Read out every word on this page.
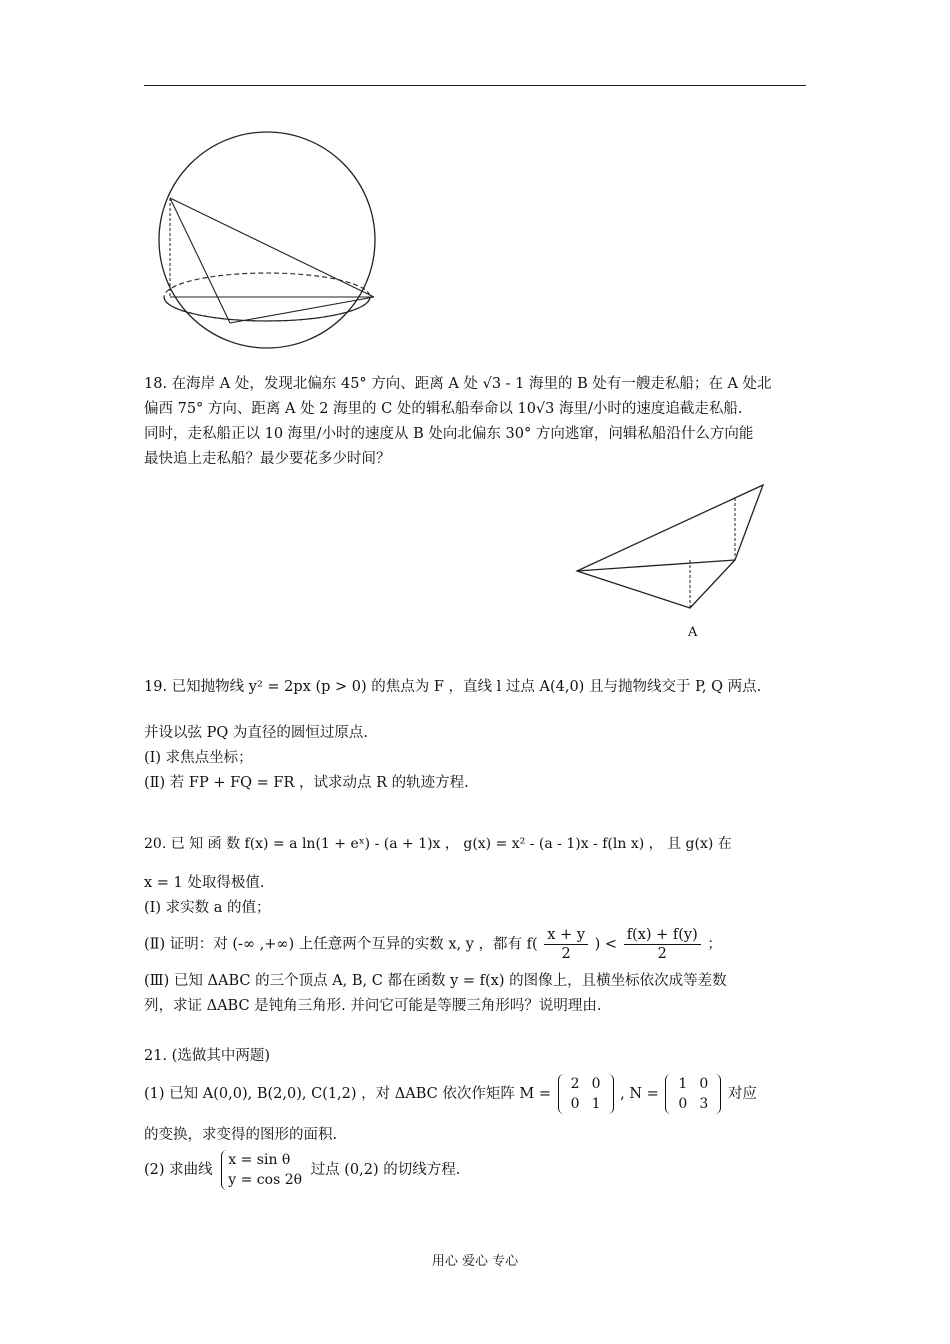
18. 在海岸 A 处，发现北偏东 45° 方向、距离 A 处 √3 - 1 海里的 B 处有一艘走私船；在 A 处北
偏西 75° 方向、距离 A 处 2 海里的 C 处的辑私船奉命以 10√3 海里/小时的速度追截走私船.
同时，走私船正以 10 海里/小时的速度从 B 处向北偏东 30° 方向逃窜，问辑私船沿什么方向能
最快追上走私船？最少要花多少时间？
A
19. 已知抛物线 y² = 2px (p > 0) 的焦点为 F ，直线 l 过点 A(4,0) 且与抛物线交于 P, Q 两点.
并设以弦 PQ 为直径的圆恒过原点.
(Ⅰ) 求焦点坐标；
(Ⅱ) 若 FP + FQ = FR ，试求动点 R 的轨迹方程.
20. 已 知 函 数 f(x) = a ln(1 + eˣ) - (a + 1)x ， g(x) = x² - (a - 1)x - f(ln x) ， 且 g(x) 在
x = 1 处取得极值.
(Ⅰ) 求实数 a 的值；
(Ⅱ) 证明：对 (-∞ ,+∞) 上任意两个互异的实数 x, y ，都有 $f( \frac{x + y}{2}$ ) < $\frac{f(x) + f(y)}{2}$ ；
(Ⅲ) 已知 ΔABC 的三个顶点 A, B, C 都在函数 y = f(x) 的图像上，且横坐标依次成等差数
列，求证 ΔABC 是钝角三角形. 并问它可能是等腰三角形吗？说明理由.
21. (选做其中两题)
(1) 已知 A(0,0), B(2,0), C(1,2) ，对 ΔABC 依次作矩阵 M =
2	0
0	1
, N =
1	0
0	3
对应
的变换，求变得的图形的面积.
(2) 求曲线
x = sin θ
y = cos 2θ
过点 (0,2) 的切线方程.
用心 爱心 专心
